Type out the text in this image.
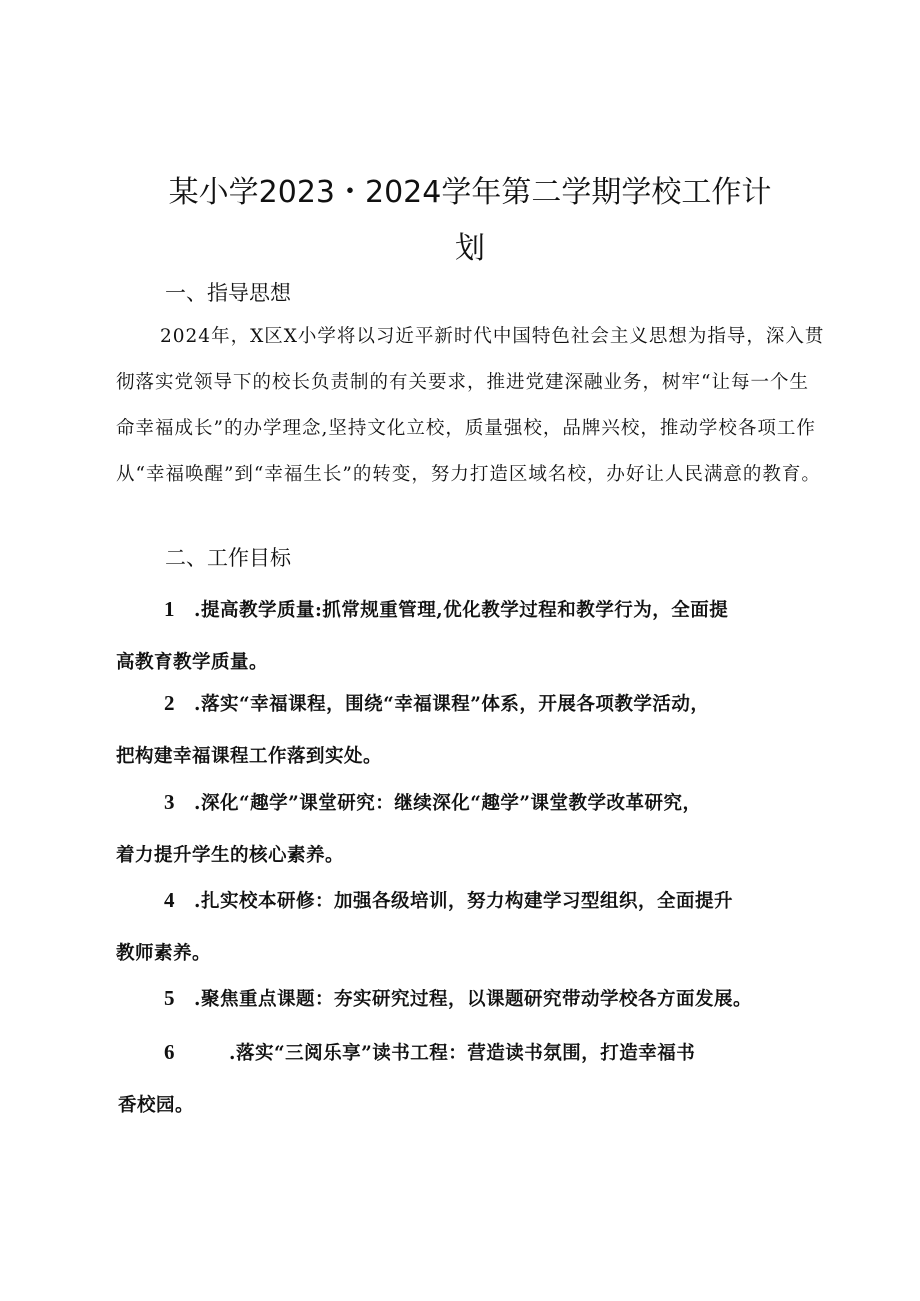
某小学2023・2024学年第二学期学校工作计
划
一、指导思想
2024年，X区X小学将以习近平新时代中国特色社会主义思想为指导，深入贯彻落实党领导下的校长负责制的有关要求，推进党建深融业务，树牢“让每一个生命幸福成长”的办学理念,坚持文化立校，质量强校，品牌兴校，推动学校各项工作从“幸福唤醒”到“幸福生长”的转变，努力打造区域名校，办好让人民满意的教育。
二、工作目标
1 .提高教学质量:抓常规重管理,优化教学过程和教学行为，全面提
高教育教学质量。
2 .落实“幸福课程，围绕“幸福课程”体系，开展各项教学活动，
把构建幸福课程工作落到实处。
3 .深化“趣学”课堂研究：继续深化“趣学”课堂教学改革研究，
着力提升学生的核心素养。
4 .扎实校本研修：加强各级培训，努力构建学习型组织，全面提升
教师素养。
5 .聚焦重点课题：夯实研究过程，以课题研究带动学校各方面发展。
6	.落实“三阅乐享”读书工程：营造读书氛围，打造幸福书
香校园。
